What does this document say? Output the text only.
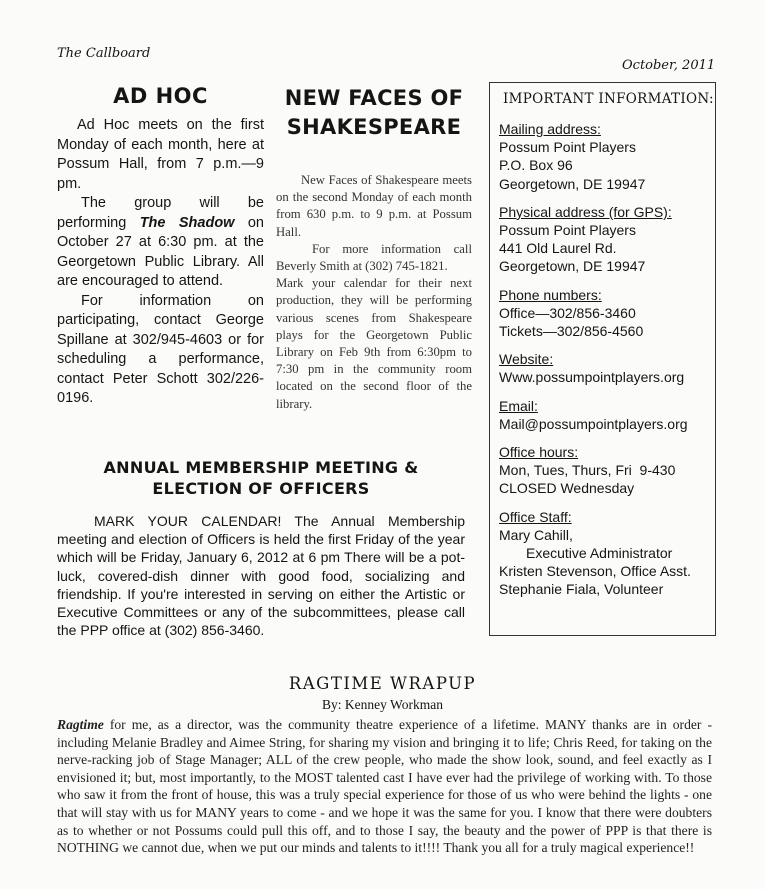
The Callboard
October, 2011
AD HOC

Ad Hoc meets on the first Monday of each month, here at Possum Hall, from 7 p.m.—9 pm.

The group will be performing The Shadow on October 27 at 6:30 pm. at the Georgetown Public Library. All are encouraged to attend.

For information on participating, contact George Spillane at 302/945-4603 or for scheduling a performance, contact Peter Schott 302/226-0196.

NEW FACES OF SHAKESPEARE

New Faces of Shakespeare meets on the second Monday of each month from 630 p.m. to 9 p.m. at Possum Hall.

For more information call Beverly Smith at (302) 745-1821.

Mark your calendar for their next production, they will be performing various scenes from Shakespeare plays for the Georgetown Public Library on Feb 9th from 6:30pm to 7:30 pm in the community room located on the second floor of the library.

IMPORTANT INFORMATION:
Mailing address:
Possum Point Players
P.O. Box 96
Georgetown, DE 19947
Physical address (for GPS):
Possum Point Players
441 Old Laurel Rd.
Georgetown, DE 19947
Phone numbers:
Office—302/856-3460
Tickets—302/856-4560
Website:
Www.possumpointplayers.org
Email:
Mail@possumpointplayers.org
Office hours:
Mon, Tues, Thurs, Fri  9-430
CLOSED Wednesday
Office Staff:
Mary Cahill,
Executive Administrator
Kristen Stevenson, Office Asst.
Stephanie Fiala, Volunteer
ANNUAL MEMBERSHIP MEETING & ELECTION OF OFFICERS

MARK YOUR CALENDAR! The Annual Membership meeting and election of Officers is held the first Friday of the year which will be Friday, January 6, 2012 at 6 pm There will be a pot-luck, covered-dish dinner with good food, socializing and friendship. If you're interested in serving on either the Artistic or Executive Committees or any of the subcommittees, please call the PPP office at (302) 856-3460.

RAGTIME WRAPUP
By: Kenney Workman

Ragtime for me, as a director, was the community theatre experience of a lifetime. MANY thanks are in order - including Melanie Bradley and Aimee String, for sharing my vision and bringing it to life; Chris Reed, for taking on the nerve-racking job of Stage Manager; ALL of the crew people, who made the show look, sound, and feel exactly as I envisioned it; but, most importantly, to the MOST talented cast I have ever had the privilege of working with. To those who saw it from the front of house, this was a truly special experience for those of us who were behind the lights - one that will stay with us for MANY years to come - and we hope it was the same for you. I know that there were doubters as to whether or not Possums could pull this off, and to those I say, the beauty and the power of PPP is that there is NOTHING we cannot due, when we put our minds and talents to it!!!! Thank you all for a truly magical experience!!
